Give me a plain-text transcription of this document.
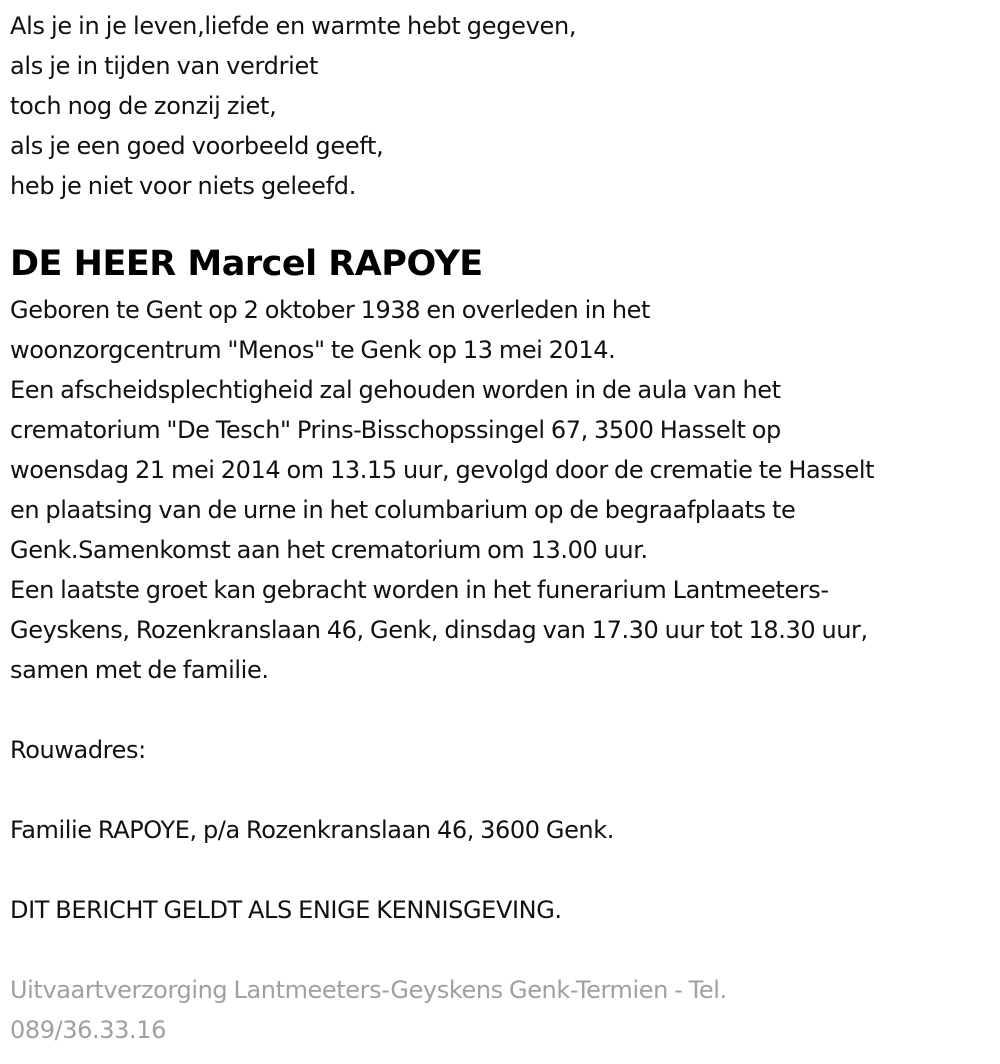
Als je in je leven,liefde en warmte hebt gegeven,
als je in tijden van verdriet
toch nog de zonzij ziet,
als je een goed voorbeeld geeft,
heb je niet voor niets geleefd.
DE HEER Marcel RAPOYE
Geboren te Gent op 2 oktober 1938 en overleden in het
woonzorgcentrum "Menos" te Genk op 13 mei 2014.
Een afscheidsplechtigheid zal gehouden worden in de aula van het
crematorium "De Tesch" Prins-Bisschopssingel 67, 3500 Hasselt op
woensdag 21 mei 2014 om 13.15 uur, gevolgd door de crematie te Hasselt
en plaatsing van de urne in het columbarium op de begraafplaats te
Genk.Samenkomst aan het crematorium om 13.00 uur.
Een laatste groet kan gebracht worden in het funerarium Lantmeeters-
Geyskens, Rozenkranslaan 46, Genk, dinsdag van 17.30 uur tot 18.30 uur,
samen met de familie.
Rouwadres:
Familie RAPOYE, p/a Rozenkranslaan 46, 3600 Genk.
DIT BERICHT GELDT ALS ENIGE KENNISGEVING.
Uitvaartverzorging Lantmeeters-Geyskens Genk-Termien - Tel.
089/36.33.16
